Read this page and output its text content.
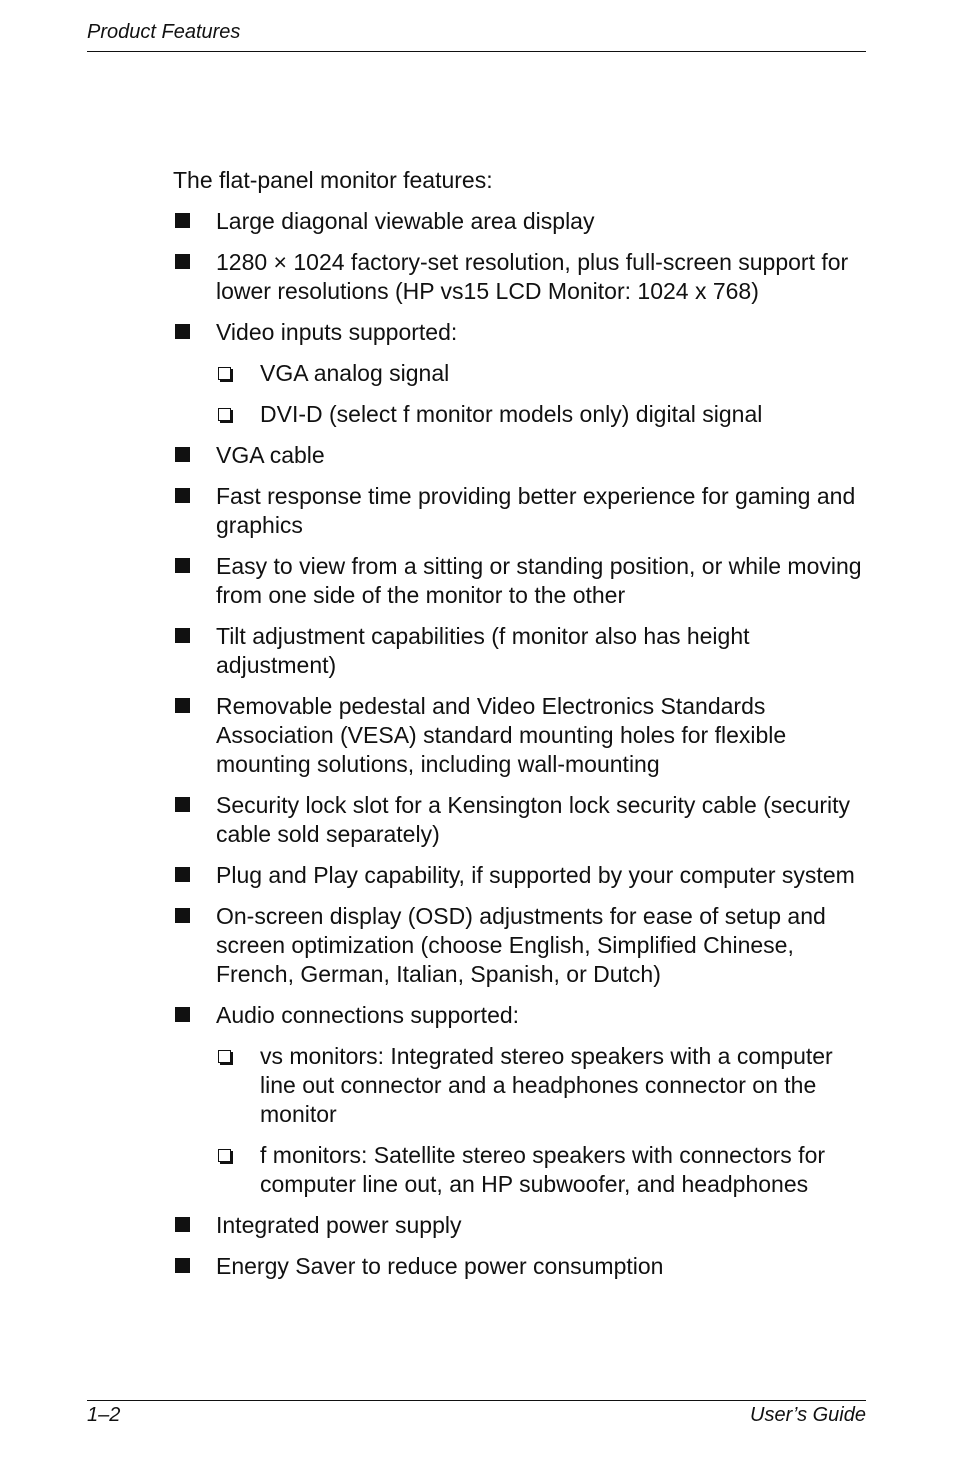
Product Features

The flat-panel monitor features:

Large diagonal viewable area display
1280 × 1024 factory-set resolution, plus full-screen support for lower resolutions (HP vs15 LCD Monitor: 1024 x 768)
Video inputs supported:
VGA analog signal
DVI-D (select f monitor models only) digital signal
VGA cable
Fast response time providing better experience for gaming and graphics
Easy to view from a sitting or standing position, or while moving from one side of the monitor to the other
Tilt adjustment capabilities (f monitor also has height adjustment)
Removable pedestal and Video Electronics Standards Association (VESA) standard mounting holes for flexible mounting solutions, including wall-mounting
Security lock slot for a Kensington lock security cable (security cable sold separately)
Plug and Play capability, if supported by your computer system
On-screen display (OSD) adjustments for ease of setup and screen optimization (choose English, Simplified Chinese, French, German, Italian, Spanish, or Dutch)
Audio connections supported:
vs monitors: Integrated stereo speakers with a computer line out connector and a headphones connector on the monitor
f monitors: Satellite stereo speakers with connectors for computer line out, an HP subwoofer, and headphones
Integrated power supply
Energy Saver to reduce power consumption
1–2	User’s Guide
